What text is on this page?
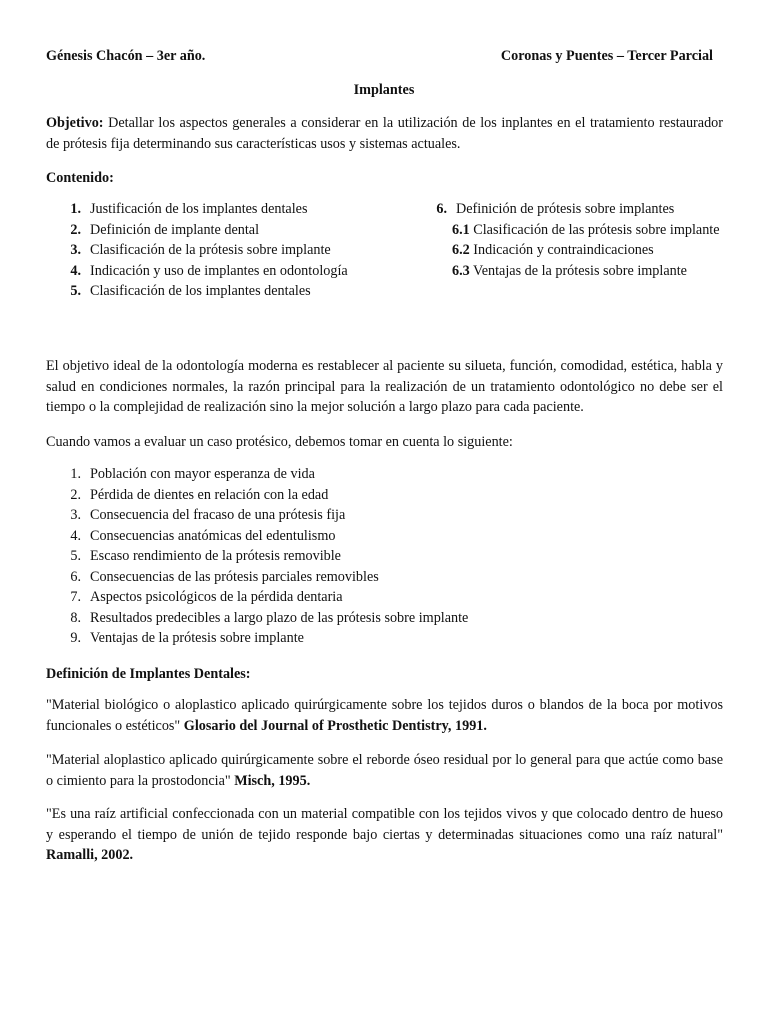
Génesis Chacón – 3er año.	Coronas y Puentes – Tercer Parcial
Implantes
Objetivo: Detallar los aspectos generales a considerar en la utilización de los inplantes en el tratamiento restaurador de prótesis fija determinando sus características usos y sistemas actuales.
Contenido:
1. Justificación de los implantes dentales
2. Definición de implante dental
3. Clasificación de la prótesis sobre implante
4. Indicación y uso de implantes en odontología
5. Clasificación de los implantes dentales
6. Definición de prótesis sobre implantes
6.1 Clasificación de las prótesis sobre implante
6.2 Indicación y contraindicaciones
6.3 Ventajas de la prótesis sobre implante
El objetivo ideal de la odontología moderna es restablecer al paciente su silueta, función, comodidad, estética, habla y salud en condiciones normales, la razón principal para la realización de un tratamiento odontológico no debe ser el tiempo o la complejidad de realización sino la mejor solución a largo plazo para cada paciente.
Cuando vamos a evaluar un caso protésico, debemos tomar en cuenta lo siguiente:
1. Población con mayor esperanza de vida
2. Pérdida de dientes en relación con la edad
3. Consecuencia del fracaso de una prótesis fija
4. Consecuencias anatómicas del edentulismo
5. Escaso rendimiento de la prótesis removible
6. Consecuencias de las prótesis parciales removibles
7. Aspectos psicológicos de la pérdida dentaria
8. Resultados predecibles a largo plazo de las prótesis sobre implante
9. Ventajas de la prótesis sobre implante
Definición de Implantes Dentales:
"Material biológico o aloplastico aplicado quirúrgicamente sobre los tejidos duros o blandos de la boca por motivos funcionales o estéticos" Glosario del Journal of Prosthetic Dentistry, 1991.
"Material aloplastico aplicado quirúrgicamente sobre el reborde óseo residual por lo general para que actúe como base o cimiento para la prostodoncia" Misch, 1995.
"Es una raíz artificial confeccionada con un material compatible con los tejidos vivos y que colocado dentro de hueso y esperando el tiempo de unión de tejido responde bajo ciertas y determinadas situaciones como una raíz natural" Ramalli, 2002.
